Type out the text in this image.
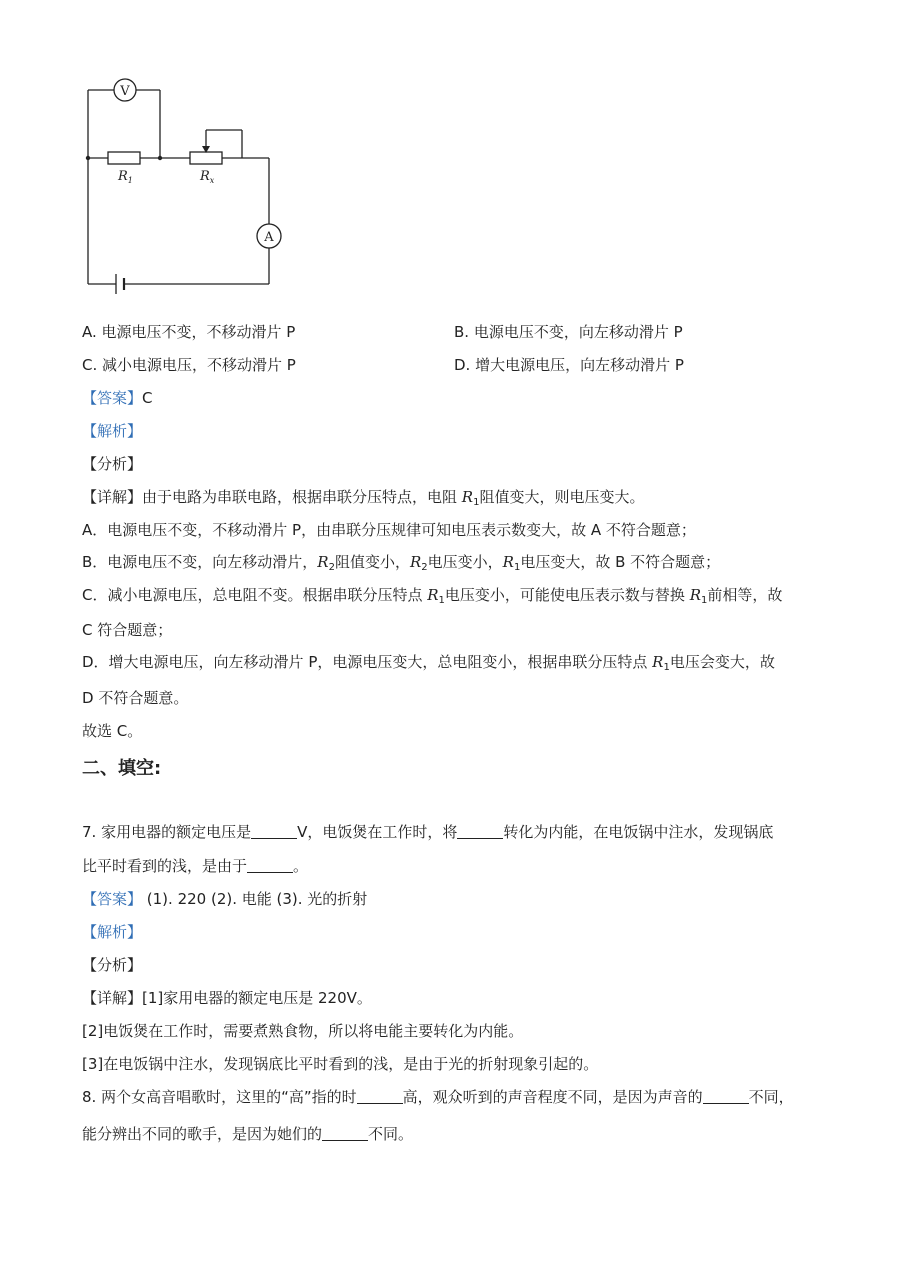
V
A
$R_1$	$R_x$
A. 电源电压不变，不移动滑片 P	B. 电源电压不变，向左移动滑片 P
C. 减小电源电压，不移动滑片 P	D. 增大电源电压，向左移动滑片 P
【答案】C
【解析】
【分析】
【详解】由于电路为串联电路，根据串联分压特点，电阻 $R_1$阻值变大，则电压变大。
A．电源电压不变，不移动滑片 P，由串联分压规律可知电压表示数变大，故 A 不符合题意；
B．电源电压不变，向左移动滑片，$R_2$阻值变小，$R_2$电压变小，$R_1$电压变大，故 B 不符合题意；
C．减小电源电压，总电阻不变。根据串联分压特点 $R_1$电压变小，可能使电压表示数与替换 $R_1$前相等，故
C 符合题意；
D．增大电源电压，向左移动滑片 P，电源电压变大，总电阻变小，根据串联分压特点 $R_1$电压会变大，故
D 不符合题意。
故选 C。
二、填空:
7. 家用电器的额定电压是	V，电饭煲在工作时，将	转化为内能，在电饭锅中注水，发现锅底
比平时看到的浅，是由于	。
【答案】 (1). 220 (2). 电能 (3). 光的折射
【解析】
【分析】
【详解】[1]家用电器的额定电压是 220V。
[2]电饭煲在工作时，需要煮熟食物，所以将电能主要转化为内能。
[3]在电饭锅中注水，发现锅底比平时看到的浅，是由于光的折射现象引起的。
8. 两个女高音唱歌时，这里的“高”指的时	高，观众听到的声音程度不同，是因为声音的	不同，
能分辨出不同的歌手，是因为她们的	不同。
